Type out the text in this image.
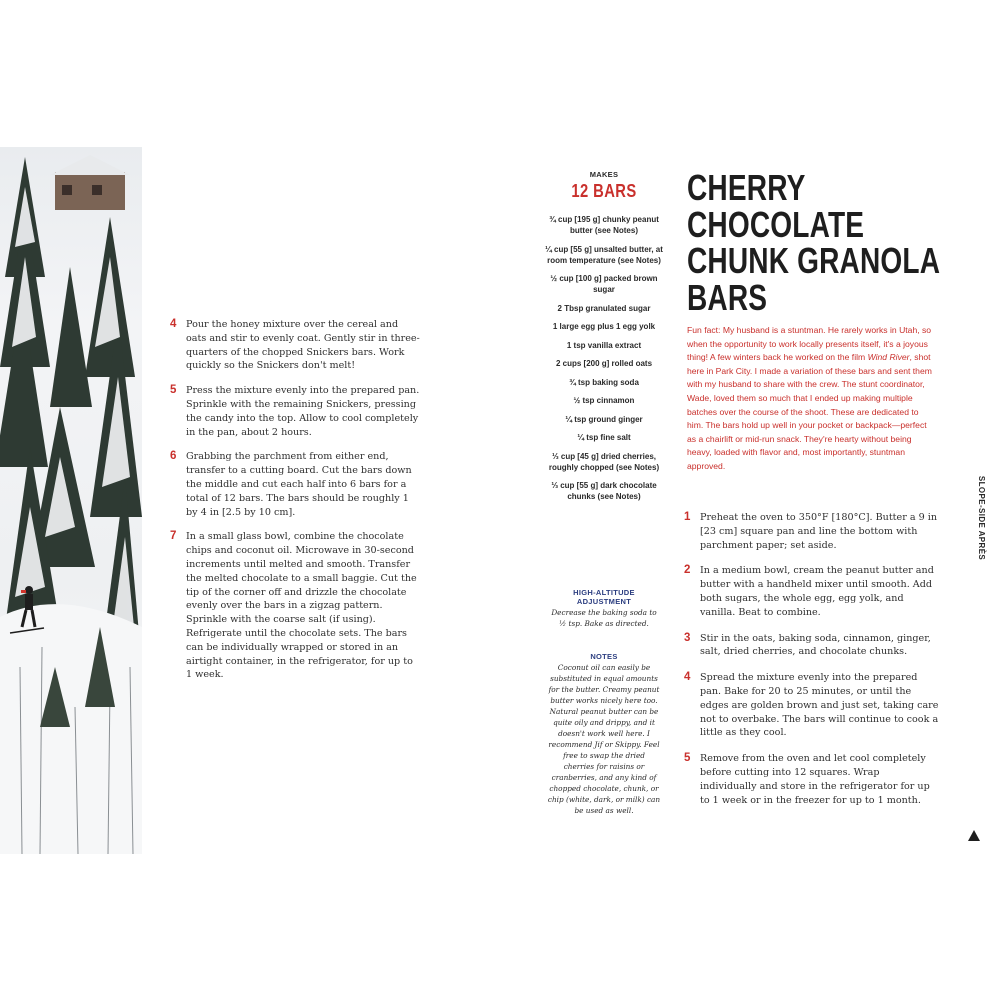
4 Pour the honey mixture over the cereal and oats and stir to evenly coat. Gently stir in three-quarters of the chopped Snickers bars. Work quickly so the Snickers don't melt!
5 Press the mixture evenly into the prepared pan. Sprinkle with the remaining Snickers, pressing the candy into the top. Allow to cool completely in the pan, about 2 hours.
6 Grabbing the parchment from either end, transfer to a cutting board. Cut the bars down the middle and cut each half into 6 bars for a total of 12 bars. The bars should be roughly 1 by 4 in [2.5 by 10 cm].
7 In a small glass bowl, combine the chocolate chips and coconut oil. Microwave in 30-second increments until melted and smooth. Transfer the melted chocolate to a small baggie. Cut the tip of the corner off and drizzle the chocolate evenly over the bars in a zigzag pattern. Sprinkle with the coarse salt (if using). Refrigerate until the chocolate sets. The bars can be individually wrapped or stored in an airtight container, in the refrigerator, for up to 1 week.
MAKES
12 BARS
¾ cup [195 g] chunky peanut butter (see Notes)
¼ cup [55 g] unsalted butter, at room temperature (see Notes)
½ cup [100 g] packed brown sugar
2 Tbsp granulated sugar
1 large egg plus 1 egg yolk
1 tsp vanilla extract
2 cups [200 g] rolled oats
¾ tsp baking soda
½ tsp cinnamon
¼ tsp ground ginger
¼ tsp fine salt
⅓ cup [45 g] dried cherries, roughly chopped (see Notes)
⅓ cup [55 g] dark chocolate chunks (see Notes)
HIGH-ALTITUDE ADJUSTMENT
Decrease the baking soda to ½ tsp. Bake as directed.
NOTES
Coconut oil can easily be substituted in equal amounts for the butter. Creamy peanut butter works nicely here too. Natural peanut butter can be quite oily and drippy, and it doesn't work well here. I recommend Jif or Skippy. Feel free to swap the dried cherries for raisins or cranberries, and any kind of chopped chocolate, chunk, or chip (white, dark, or milk) can be used as well.
CHERRY
CHOCOLATE
CHUNK GRANOLA
BARS
Fun fact: My husband is a stuntman. He rarely works in Utah, so when the opportunity to work locally presents itself, it's a joyous thing! A few winters back he worked on the film Wind River, shot here in Park City. I made a variation of these bars and sent them with my husband to share with the crew. The stunt coordinator, Wade, loved them so much that I ended up making multiple batches over the course of the shoot. These are dedicated to him. The bars hold up well in your pocket or backpack—perfect as a chairlift or mid-run snack. They're hearty without being heavy, loaded with flavor and, most importantly, stuntman approved.
1 Preheat the oven to 350°F [180°C]. Butter a 9 in [23 cm] square pan and line the bottom with parchment paper; set aside.
2 In a medium bowl, cream the peanut butter and butter with a handheld mixer until smooth. Add both sugars, the whole egg, egg yolk, and vanilla. Beat to combine.
3 Stir in the oats, baking soda, cinnamon, ginger, salt, dried cherries, and chocolate chunks.
4 Spread the mixture evenly into the prepared pan. Bake for 20 to 25 minutes, or until the edges are golden brown and just set, taking care not to overbake. The bars will continue to cook a little as they cool.
5 Remove from the oven and let cool completely before cutting into 12 squares. Wrap individually and store in the refrigerator for up to 1 week or in the freezer for up to 1 month.
SLOPE-SIDE APRÈS
